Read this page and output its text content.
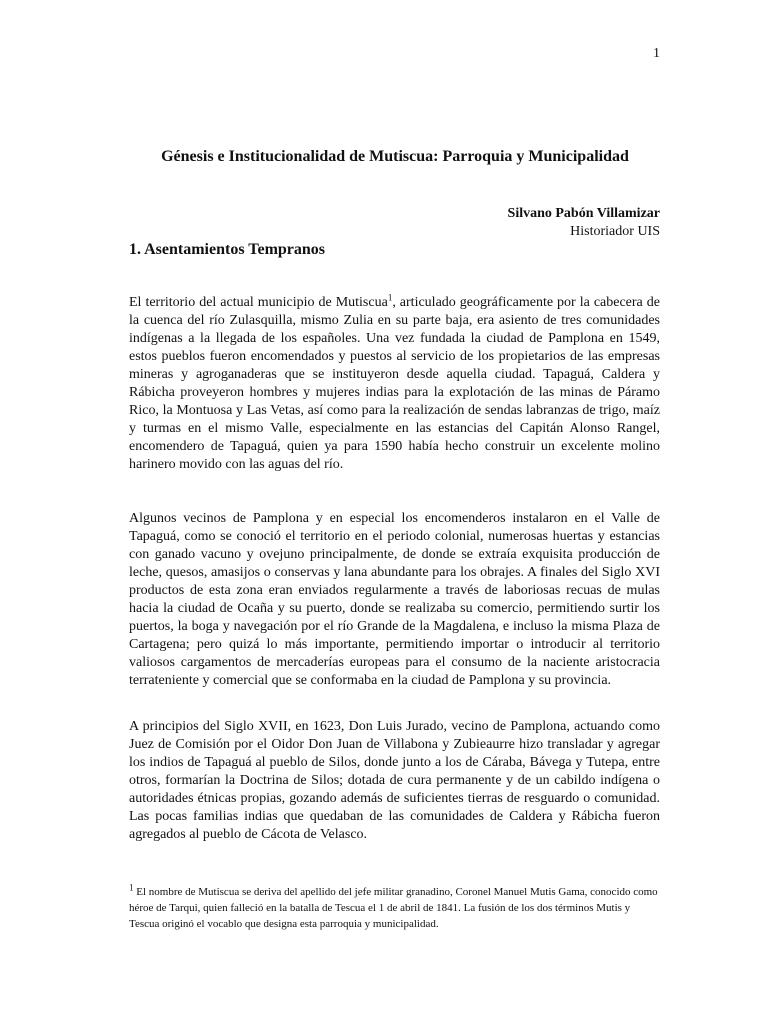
1
Génesis e Institucionalidad de Mutiscua: Parroquia y Municipalidad
Silvano Pabón Villamizar
Historiador UIS
1. Asentamientos Tempranos

El territorio del actual municipio de Mutiscua$^1$, articulado geográficamente por la cabecera de la cuenca del río Zulasquilla, mismo Zulia en su parte baja, era asiento de tres comunidades indígenas a la llegada de los españoles. Una vez fundada la ciudad de Pamplona en 1549, estos pueblos fueron encomendados y puestos al servicio de los propietarios de las empresas mineras y agroganaderas que se instituyeron desde aquella ciudad. Tapaguá, Caldera y Rábicha proveyeron hombres y mujeres indias para la explotación de las minas de Páramo Rico, la Montuosa y Las Vetas, así como para la realización de sendas labranzas de trigo, maíz y turmas en el mismo Valle, especialmente en las estancias del Capitán Alonso Rangel, encomendero de Tapaguá, quien ya para 1590 había hecho construir un excelente molino harinero movido con las aguas del río.

Algunos vecinos de Pamplona y en especial los encomenderos instalaron en el Valle de Tapaguá, como se conoció el territorio en el periodo colonial, numerosas huertas y estancias con ganado vacuno y ovejuno principalmente, de donde se extraía exquisita producción de leche, quesos, amasijos o conservas y lana abundante para los obrajes. A finales del Siglo XVI productos de esta zona eran enviados regularmente a través de laboriosas recuas de mulas hacia la ciudad de Ocaña y su puerto, donde se realizaba su comercio, permitiendo surtir los puertos, la boga y navegación por el río Grande de la Magdalena, e incluso la misma Plaza de Cartagena; pero quizá lo más importante, permitiendo importar o introducir al territorio valiosos cargamentos de mercaderías europeas para el consumo de la naciente aristocracia terrateniente y comercial que se conformaba en la ciudad de Pamplona y su provincia.

A principios del Siglo XVII, en 1623, Don Luis Jurado, vecino de Pamplona, actuando como Juez de Comisión por el Oidor Don Juan de Villabona y Zubieaurre hizo transladar y agregar los indios de Tapaguá al pueblo de Silos, donde junto a los de Cáraba, Bávega y Tutepa, entre otros, formarían la Doctrina de Silos; dotada de cura permanente y de un cabildo indígena o autoridades étnicas propias, gozando además de suficientes tierras de resguardo o comunidad. Las pocas familias indias que quedaban de las comunidades de Caldera y Rábicha fueron agregados al pueblo de Cácota de Velasco.

$^1$ El nombre de Mutiscua se deriva del apellido del jefe militar granadino, Coronel Manuel Mutis Gama, conocido como héroe de Tarqui, quien falleció en la batalla de Tescua el 1 de abril de 1841. La fusión de los dos términos Mutis y Tescua originó el vocablo que designa esta parroquia y municipalidad.
